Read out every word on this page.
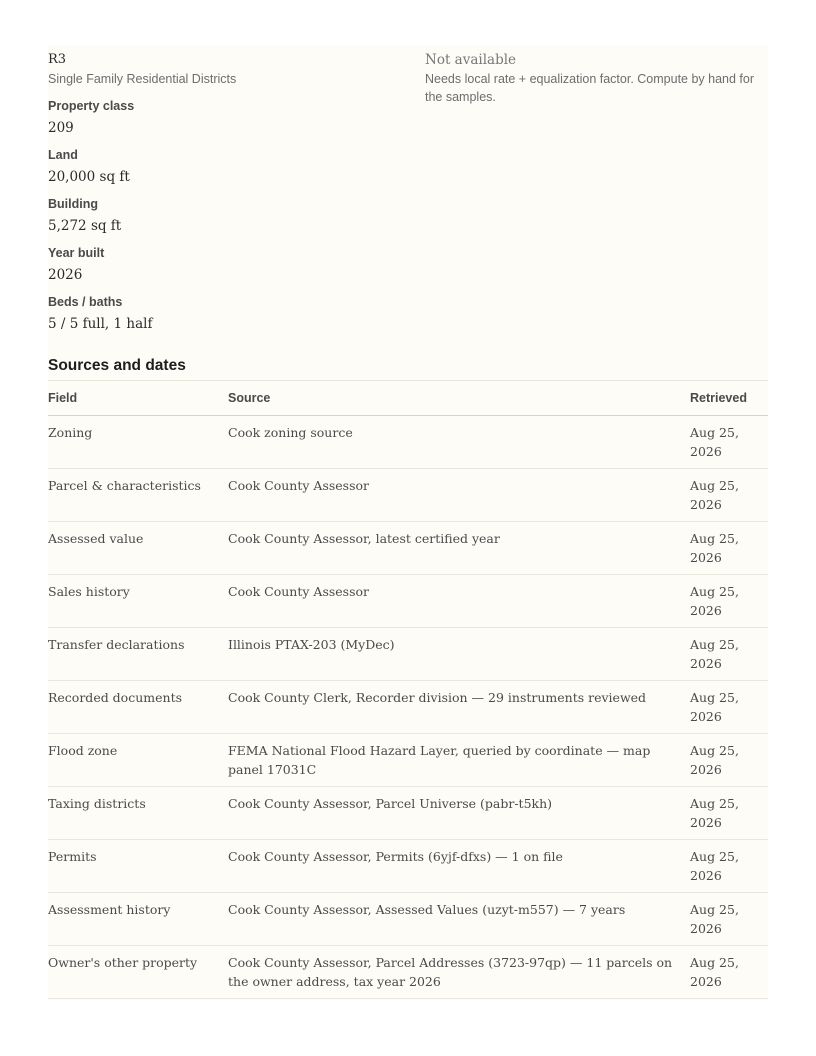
R3
Single Family Residential Districts
Property class
209
Land
20,000 sq ft
Building
5,272 sq ft
Year built
2026
Beds / baths
5 / 5 full, 1 half
Not available
Needs local rate + equalization factor. Compute by hand for the samples.
Sources and dates
Field	Source	Retrieved
Zoning	Cook zoning source	Aug 25, 2026
Parcel & characteristics	Cook County Assessor	Aug 25, 2026
Assessed value	Cook County Assessor, latest certified year	Aug 25, 2026
Sales history	Cook County Assessor	Aug 25, 2026
Transfer declarations	Illinois PTAX-203 (MyDec)	Aug 25, 2026
Recorded documents	Cook County Clerk, Recorder division — 29 instruments reviewed	Aug 25, 2026
Flood zone	FEMA National Flood Hazard Layer, queried by coordinate — map panel 17031C	Aug 25, 2026
Taxing districts	Cook County Assessor, Parcel Universe (pabr-t5kh)	Aug 25, 2026
Permits	Cook County Assessor, Permits (6yjf-dfxs) — 1 on file	Aug 25, 2026
Assessment history	Cook County Assessor, Assessed Values (uzyt-m557) — 7 years	Aug 25, 2026
Owner's other property	Cook County Assessor, Parcel Addresses (3723-97qp) — 11 parcels on the owner address, tax year 2026	Aug 25, 2026
